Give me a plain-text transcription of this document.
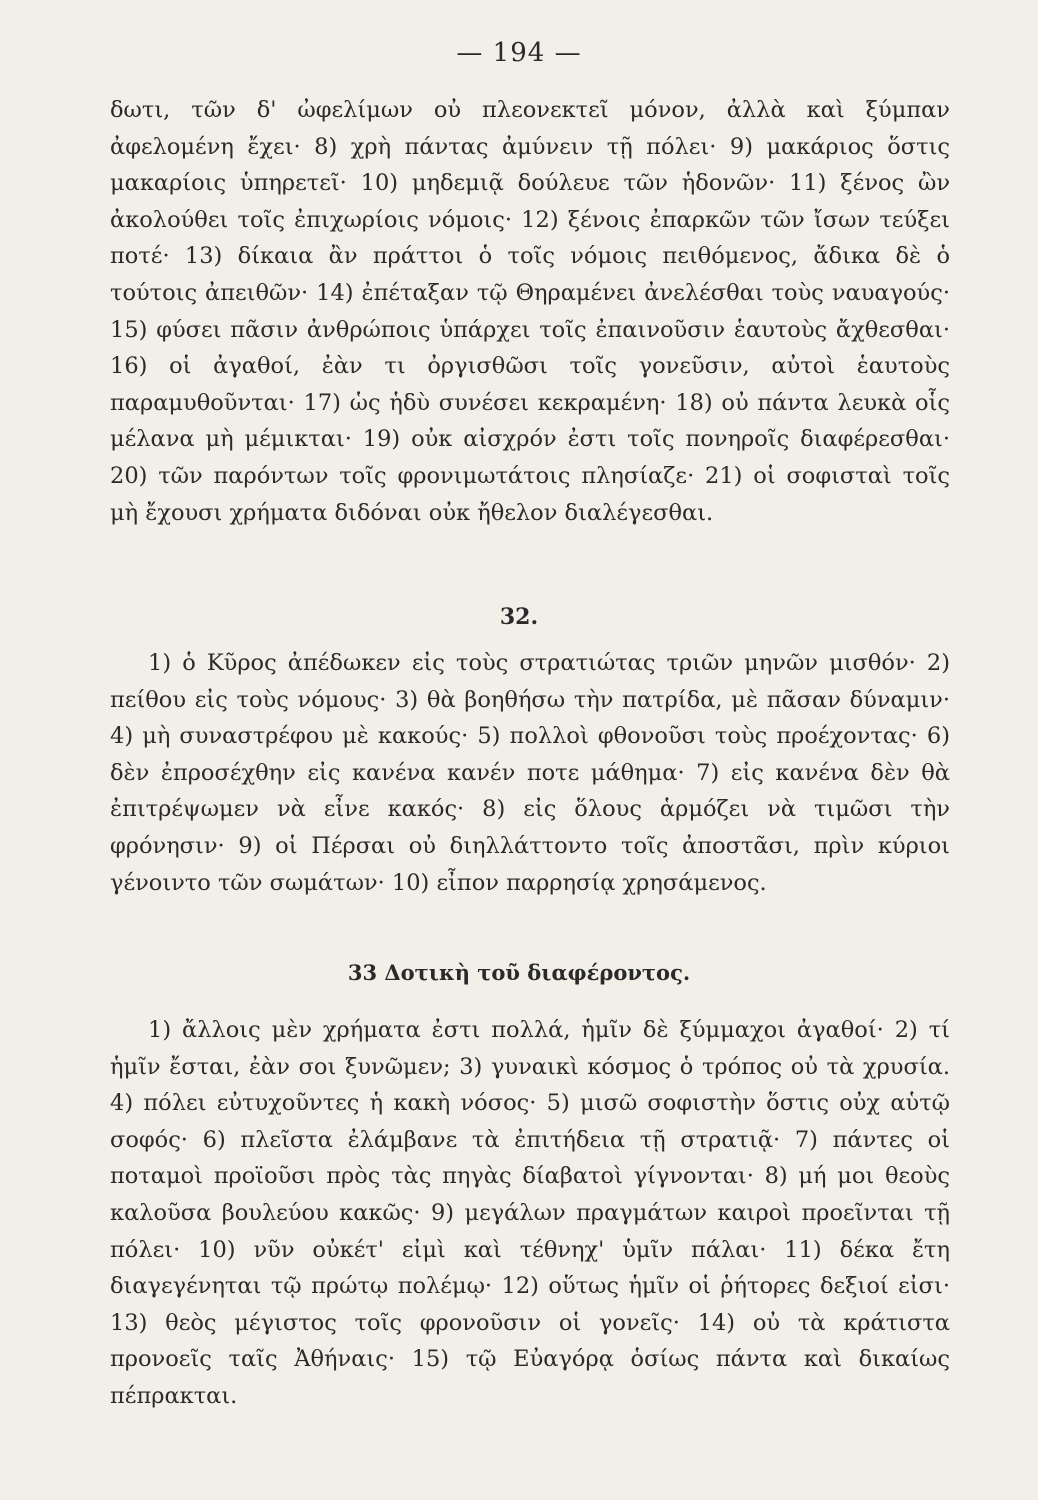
— 194 —

δωτι, τῶν δ' ὠφελίμων οὐ πλεονεκτεῖ μόνον, ἀλλὰ καὶ ξύμπαν ἀφελομένη ἔχει· 8) χρὴ πάντας ἀμύνειν τῇ πόλει· 9) μακάριος ὅστις μακαρίοις ὑπηρετεῖ· 10) μηδεμιᾷ δούλευε τῶν ἡδονῶν· 11) ξένος ὢν ἀκολούθει τοῖς ἐπιχωρίοις νόμοις· 12) ξένοις ἐπαρκῶν τῶν ἴσων τεύξει ποτέ· 13) δίκαια ἂν πράττοι ὁ τοῖς νόμοις πειθόμενος, ἄδικα δὲ ὁ τούτοις ἀπειθῶν· 14) ἐπέταξαν τῷ Θηραμένει ἀνελέσθαι τοὺς ναυαγούς· 15) φύσει πᾶσιν ἀνθρώποις ὑπάρχει τοῖς ἐπαινοῦσιν ἑαυτοὺς ἄχθεσθαι· 16) οἱ ἀγαθοί, ἐὰν τι ὀργισθῶσι τοῖς γονεῦσιν, αὐτοὶ ἑαυτοὺς παραμυθοῦνται· 17) ὡς ἡδὺ συνέσει κεκραμένη· 18) οὐ πάντα λευκὰ οἷς μέλανα μὴ μέμικται· 19) οὐκ αἰσχρόν ἐστι τοῖς πονηροῖς διαφέρεσθαι· 20) τῶν παρόντων τοῖς φρονιμωτάτοις πλησίαζε· 21) οἱ σοφισταὶ τοῖς μὴ ἔχουσι χρήματα διδόναι οὐκ ἤθελον διαλέγεσθαι.

32.

1) ὁ Κῦρος ἀπέδωκεν εἰς τοὺς στρατιώτας τριῶν μηνῶν μισθόν· 2) πείθου εἰς τοὺς νόμους· 3) θὰ βοηθήσω τὴν πατρίδα, μὲ πᾶσαν δύναμιν· 4) μὴ συναστρέφου μὲ κακούς· 5) πολλοὶ φθονοῦσι τοὺς προέχοντας· 6) δὲν ἐπροσέχθην εἰς κανένα κανέν ποτε μάθημα· 7) εἰς κανένα δὲν θὰ ἐπιτρέψωμεν νὰ εἶνε κακός· 8) εἰς ὅλους ἁρμόζει νὰ τιμῶσι τὴν φρόνησιν· 9) οἱ Πέρσαι οὐ διηλλάττοντο τοῖς ἀποστᾶσι, πρὶν κύριοι γένοιντο τῶν σωμάτων· 10) εἶπον παρρησίᾳ χρησάμενος.

33 Δοτικὴ τοῦ διαφέροντος.

1) ἄλλοις μὲν χρήματα ἐστι πολλά, ἡμῖν δὲ ξύμμαχοι ἀγαθοί· 2) τί ἡμῖν ἔσται, ἐὰν σοι ξυνῶμεν; 3) γυναικὶ κόσμος ὁ τρόπος οὐ τὰ χρυσία. 4) πόλει εὐτυχοῦντες ἡ κακὴ νόσος· 5) μισῶ σοφιστὴν ὅστις οὐχ αὑτῷ σοφός· 6) πλεῖστα ἐλάμβανε τὰ ἐπιτήδεια τῇ στρατιᾷ· 7) πάντες οἱ ποταμοὶ προϊοῦσι πρὸς τὰς πηγὰς δίαβατοὶ γίγνονται· 8) μή μοι θεοὺς καλοῦσα βουλεύου κακῶς· 9) μεγάλων πραγμάτων καιροὶ προεῖνται τῇ πόλει· 10) νῦν οὐκέτ' εἰμὶ καὶ τέθνηχ' ὑμῖν πάλαι· 11) δέκα ἔτη διαγεγένηται τῷ πρώτῳ πολέμῳ· 12) οὕτως ἡμῖν οἱ ῥήτορες δεξιοί εἰσι· 13) θεὸς μέγιστος τοῖς φρονοῦσιν οἱ γονεῖς· 14) οὐ τὰ κράτιστα προνοεῖς ταῖς Ἀθήναις· 15) τῷ Εὐαγόρᾳ ὁσίως πάντα καὶ δικαίως πέπρακται.
